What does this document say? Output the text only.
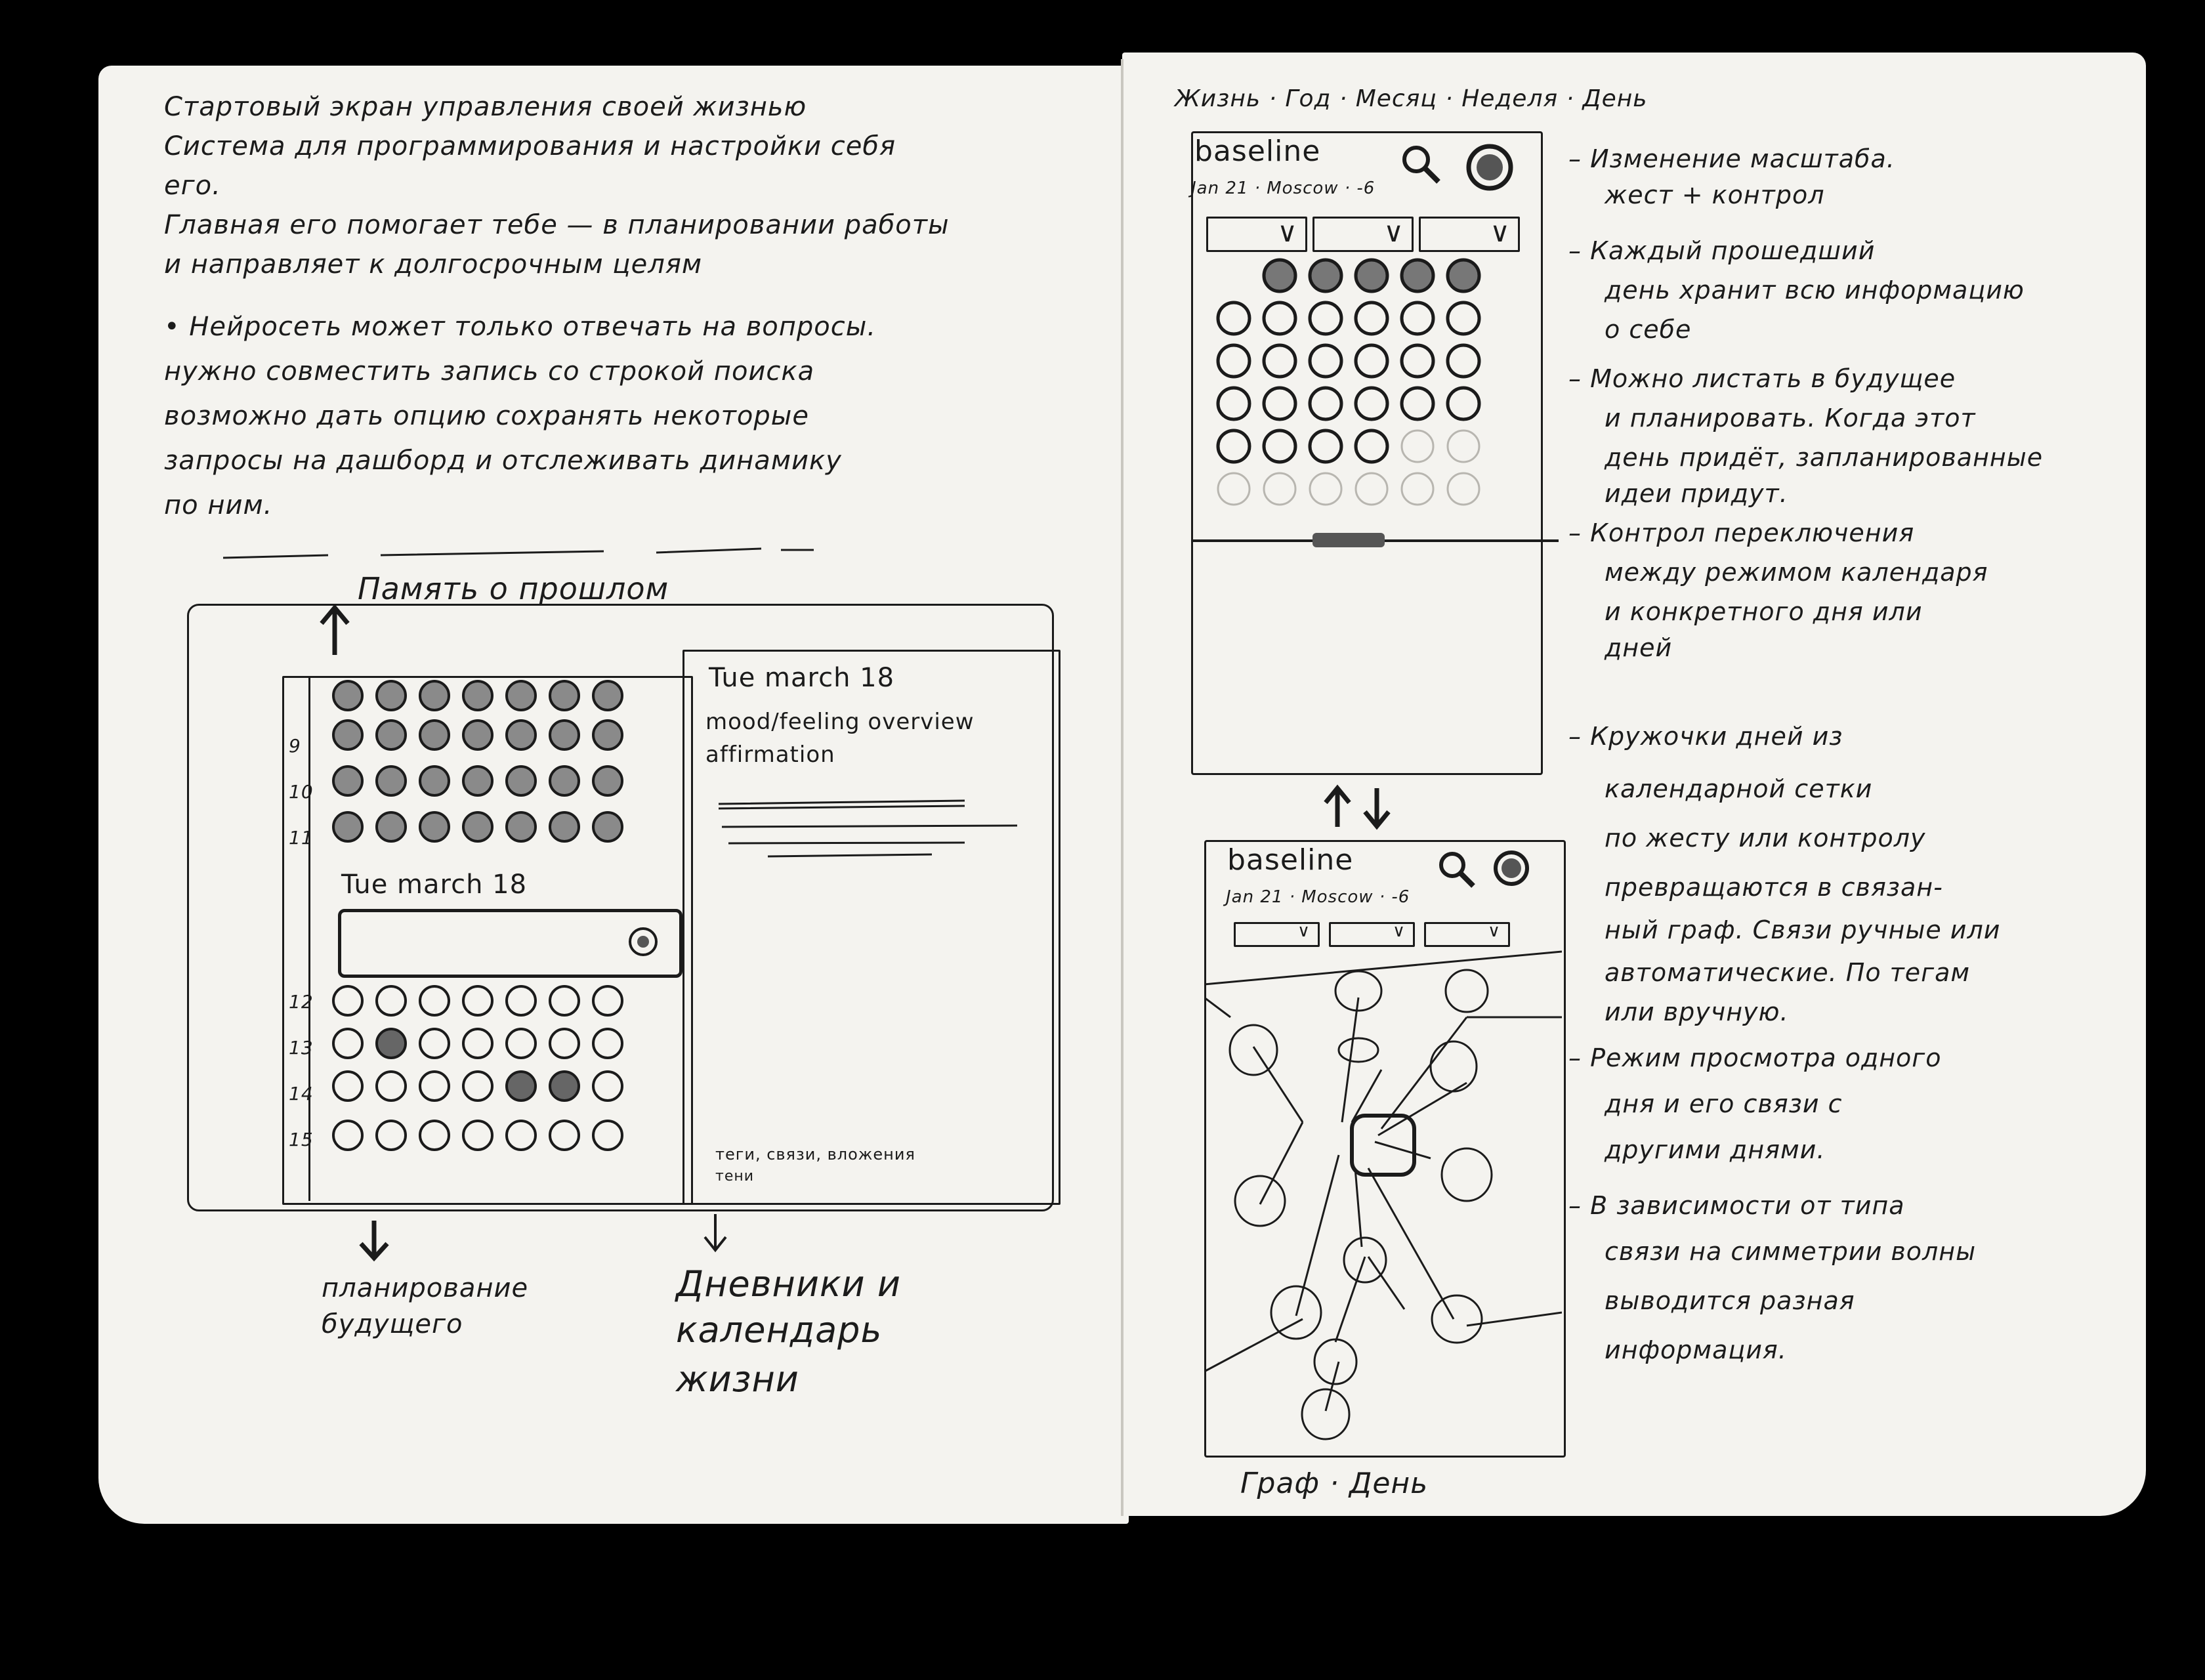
Стартовый экран управления своей жизнью
Система для программирования и настройки себя
его.
Главная его помогает тебе — в планировании работы
и направляет к долгосрочным целям
• Нейросеть может только отвечать на вопросы.
нужно совместить запись со строкой поиска
возможно дать опцию сохранять некоторые
запросы на дашборд и отслеживать динамику
по ним.
Память о прошлом
9
10
11
12
13
14
15
Tue march 18
Tue march 18
mood/feeling overview
affirmation
теги, связи, вложения
тени
планирование
будущего
Дневники и
календарь
жизни
Жизнь · Год · Месяц · Неделя · День
baseline
Jan 21 · Moscow · -6
∨	∨	∨
baseline
Jan 21 · Moscow · -6
∨	∨	∨
Граф · День
– Изменение масштаба.
жест + контрол
– Каждый прошедший
день хранит всю информацию
о себе
– Можно листать в будущее
и планировать. Когда этот
день придёт, запланированные
идеи придут.
– Контрол переключения
между режимом календаря
и конкретного дня или
дней
– Кружочки дней из
календарной сетки
по жесту или контролу
превращаются в связан-
ный граф. Связи ручные или
автоматические. По тегам
или вручную.
– Режим просмотра одного
дня и его связи с
другими днями.
– В зависимости от типа
связи на симметрии волны
выводится разная
информация.
